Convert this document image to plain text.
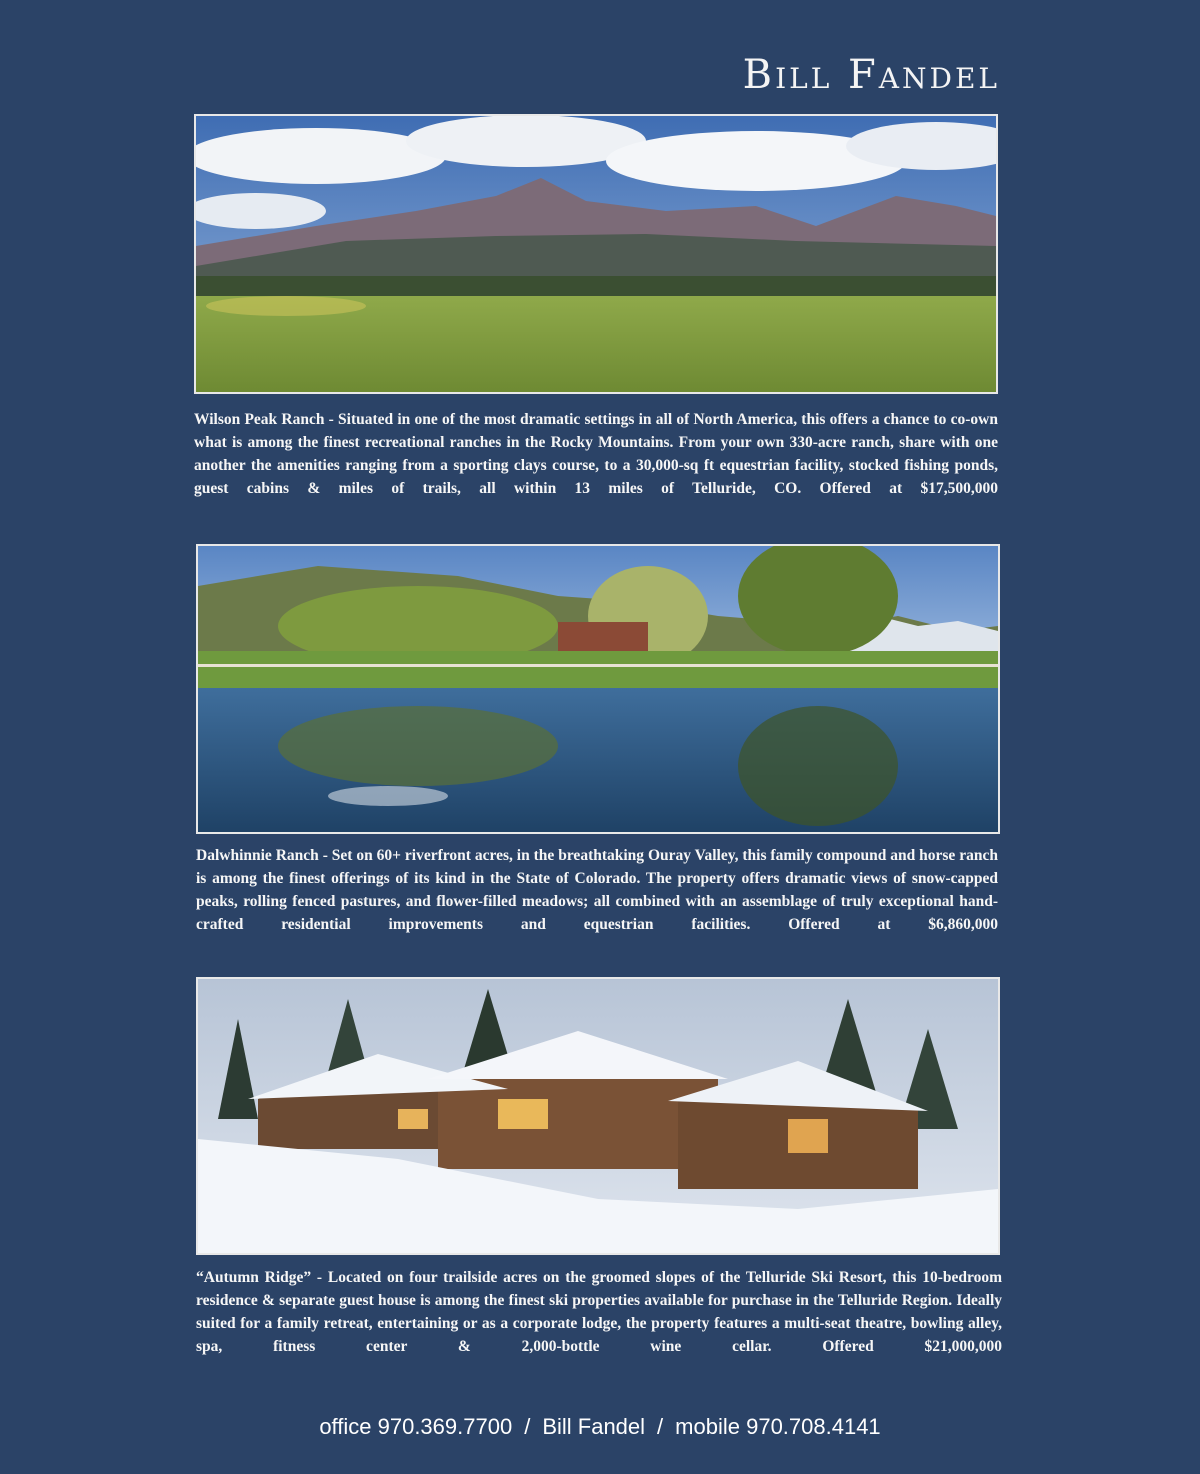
Bill Fandel
Wilson Peak Ranch - Situated in one of the most dramatic settings in all of North America, this offers a chance to co-own what is among the finest recreational ranches in the Rocky Mountains. From your own 330-acre ranch, share with one another the amenities ranging from a sporting clays course, to a 30,000-sq ft equestrian facility, stocked fishing ponds, guest cabins & miles of trails, all within 13 miles of Telluride, CO. Offered at $17,500,000
Dalwhinnie Ranch - Set on 60+ riverfront acres, in the breathtaking Ouray Valley, this family compound and horse ranch is among the finest offerings of its kind in the State of Colorado. The property offers dramatic views of snow-capped peaks, rolling fenced pastures, and flower-filled meadows; all combined with an assemblage of truly exceptional hand-crafted residential improvements and equestrian facilities. Offered at $6,860,000
“Autumn Ridge” - Located on four trailside acres on the groomed slopes of the Telluride Ski Resort, this 10-bedroom residence & separate guest house is among the finest ski properties available for purchase in the Telluride Region. Ideally suited for a family retreat, entertaining or as a corporate lodge, the property features a multi-seat theatre, bowling alley, spa, fitness center & 2,000-bottle wine cellar.	Offered $21,000,000
office 970.369.7700 / Bill Fandel / mobile 970.708.4141
